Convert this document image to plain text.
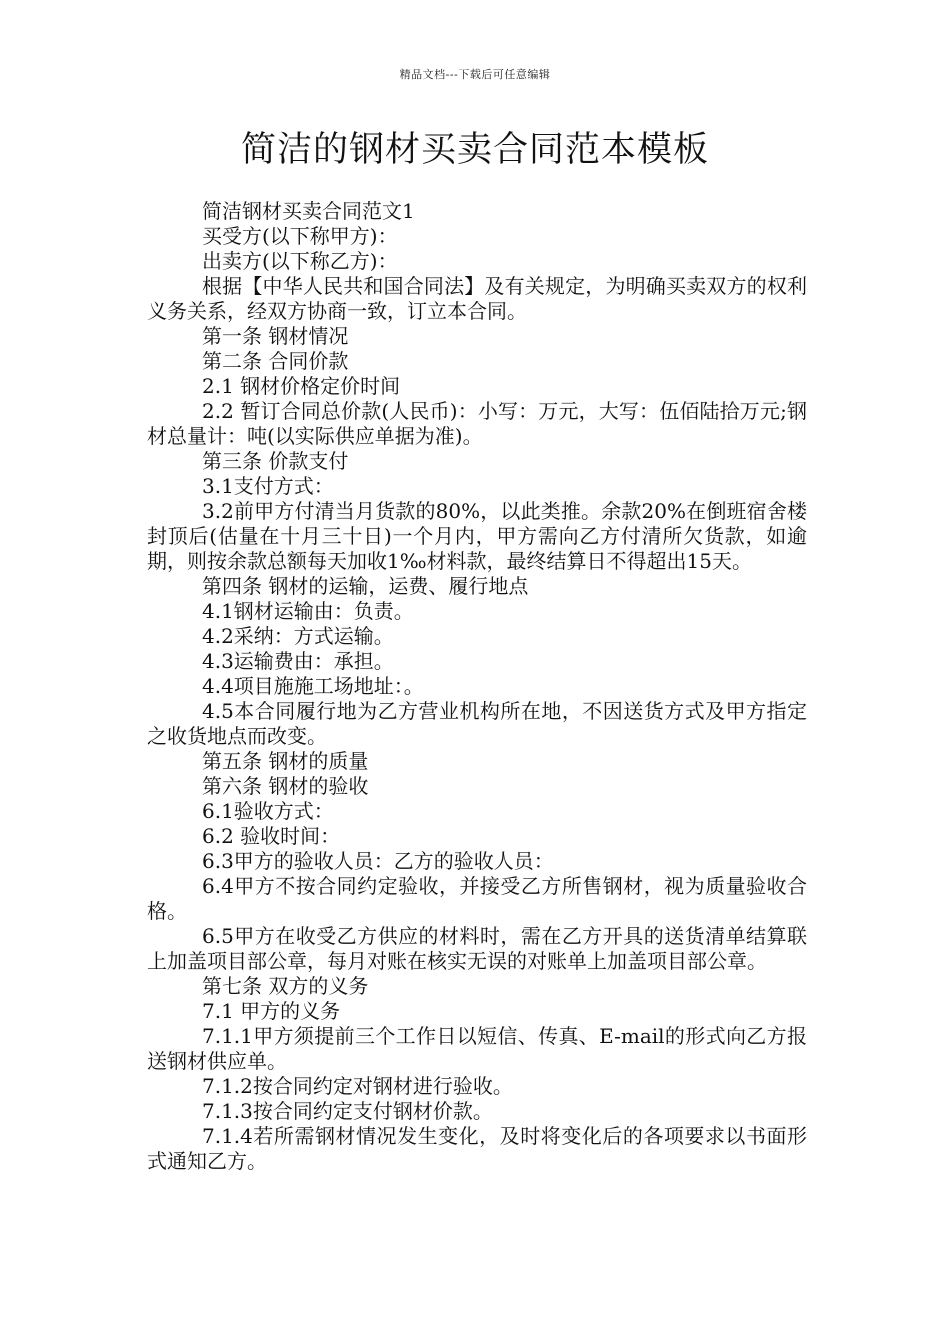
精品文档---下载后可任意编辑
简洁的钢材买卖合同范本模板

简洁钢材买卖合同范文1

买受方(以下称甲方)：

出卖方(以下称乙方)：

根据【中华人民共和国合同法】及有关规定，为明确买卖双方的权利义务关系，经双方协商一致，订立本合同。

第一条 钢材情况

第二条 合同价款

2.1 钢材价格定价时间

2.2 暂订合同总价款(人民币)：小写：万元，大写：伍佰陆拾万元;钢材总量计：吨(以实际供应单据为准)。

第三条 价款支付

3.1支付方式：

3.2前甲方付清当月货款的80%，以此类推。余款20%在倒班宿舍楼封顶后(估量在十月三十日)一个月内，甲方需向乙方付清所欠货款，如逾期，则按余款总额每天加收1‰材料款，最终结算日不得超出15天。

第四条 钢材的运输，运费、履行地点

4.1钢材运输由：负责。

4.2采纳：方式运输。

4.3运输费由：承担。

4.4项目施施工场地址：。

4.5本合同履行地为乙方营业机构所在地，不因送货方式及甲方指定之收货地点而改变。

第五条 钢材的质量

第六条 钢材的验收

6.1验收方式：

6.2 验收时间：

6.3甲方的验收人员：乙方的验收人员：

6.4甲方不按合同约定验收，并接受乙方所售钢材，视为质量验收合格。

6.5甲方在收受乙方供应的材料时，需在乙方开具的送货清单结算联上加盖项目部公章，每月对账在核实无误的对账单上加盖项目部公章。

第七条 双方的义务

7.1 甲方的义务

7.1.1甲方须提前三个工作日以短信、传真、E-mail的形式向乙方报送钢材供应单。

7.1.2按合同约定对钢材进行验收。

7.1.3按合同约定支付钢材价款。

7.1.4若所需钢材情况发生变化，及时将变化后的各项要求以书面形式通知乙方。
